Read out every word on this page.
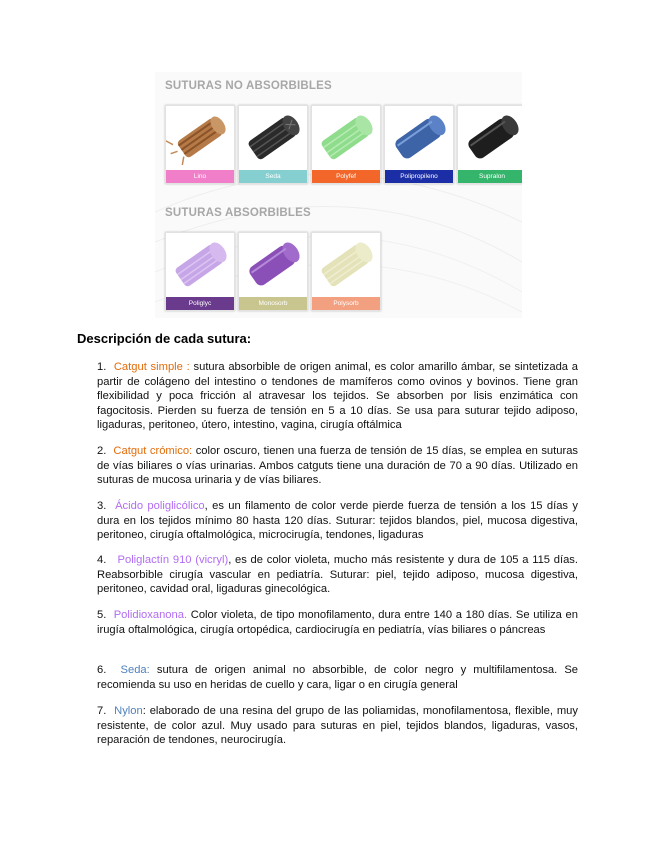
SUTURAS NO ABSORBIBLES
Lino	Seda	Polyfef	Polipropileno	Supralon
SUTURAS ABSORBIBLES
Poliglyc	Monosorb	Polysorb
Descripción de cada sutura:
1. Catgut simple : sutura absorbible de origen animal, es color amarillo ámbar, se sintetizada a partir de colágeno del intestino o tendones de mamíferos como ovinos y bovinos. Tiene gran flexibilidad y poca fricción al atravesar los tejidos. Se absorben por lisis enzimática con fagocitosis. Pierden su fuerza de tensión en 5 a 10 días. Se usa para suturar tejido adiposo, ligaduras, peritoneo, útero, intestino, vagina, cirugía oftálmica
2. Catgut crómico: color oscuro, tienen una fuerza de tensión de 15 días, se emplea en suturas de vías biliares o vías urinarias. Ambos catguts tiene una duración de 70 a 90 días. Utilizado en suturas de mucosa urinaria y de vías biliares.
3. Ácido poliglicólico, es un filamento de color verde pierde fuerza de tensión a los 15 días y dura en los tejidos mínimo 80 hasta 120 días. Suturar: tejidos blandos, piel, mucosa digestiva, peritoneo, cirugía oftalmológica, microcirugía, tendones, ligaduras
4. Poliglactín 910 (vicryl), es de color violeta, mucho más resistente y dura de 105 a 115 días. Reabsorbible cirugía vascular en pediatría. Suturar: piel, tejido adiposo, mucosa digestiva, peritoneo, cavidad oral, ligaduras ginecológica.
5. Polidioxanona. Color violeta, de tipo monofilamento, dura entre 140 a 180 días. Se utiliza en irugía oftalmológica, cirugía ortopédica, cardiocirugía en pediatría, vías biliares o páncreas
6. Seda: sutura de origen animal no absorbible, de color negro y multifilamentosa. Se recomienda su uso en heridas de cuello y cara, ligar o en cirugía general
7. Nylon: elaborado de una resina del grupo de las poliamidas, monofilamentosa, flexible, muy resistente, de color azul. Muy usado para suturas en piel, tejidos blandos, ligaduras, vasos, reparación de tendones, neurocirugía.
